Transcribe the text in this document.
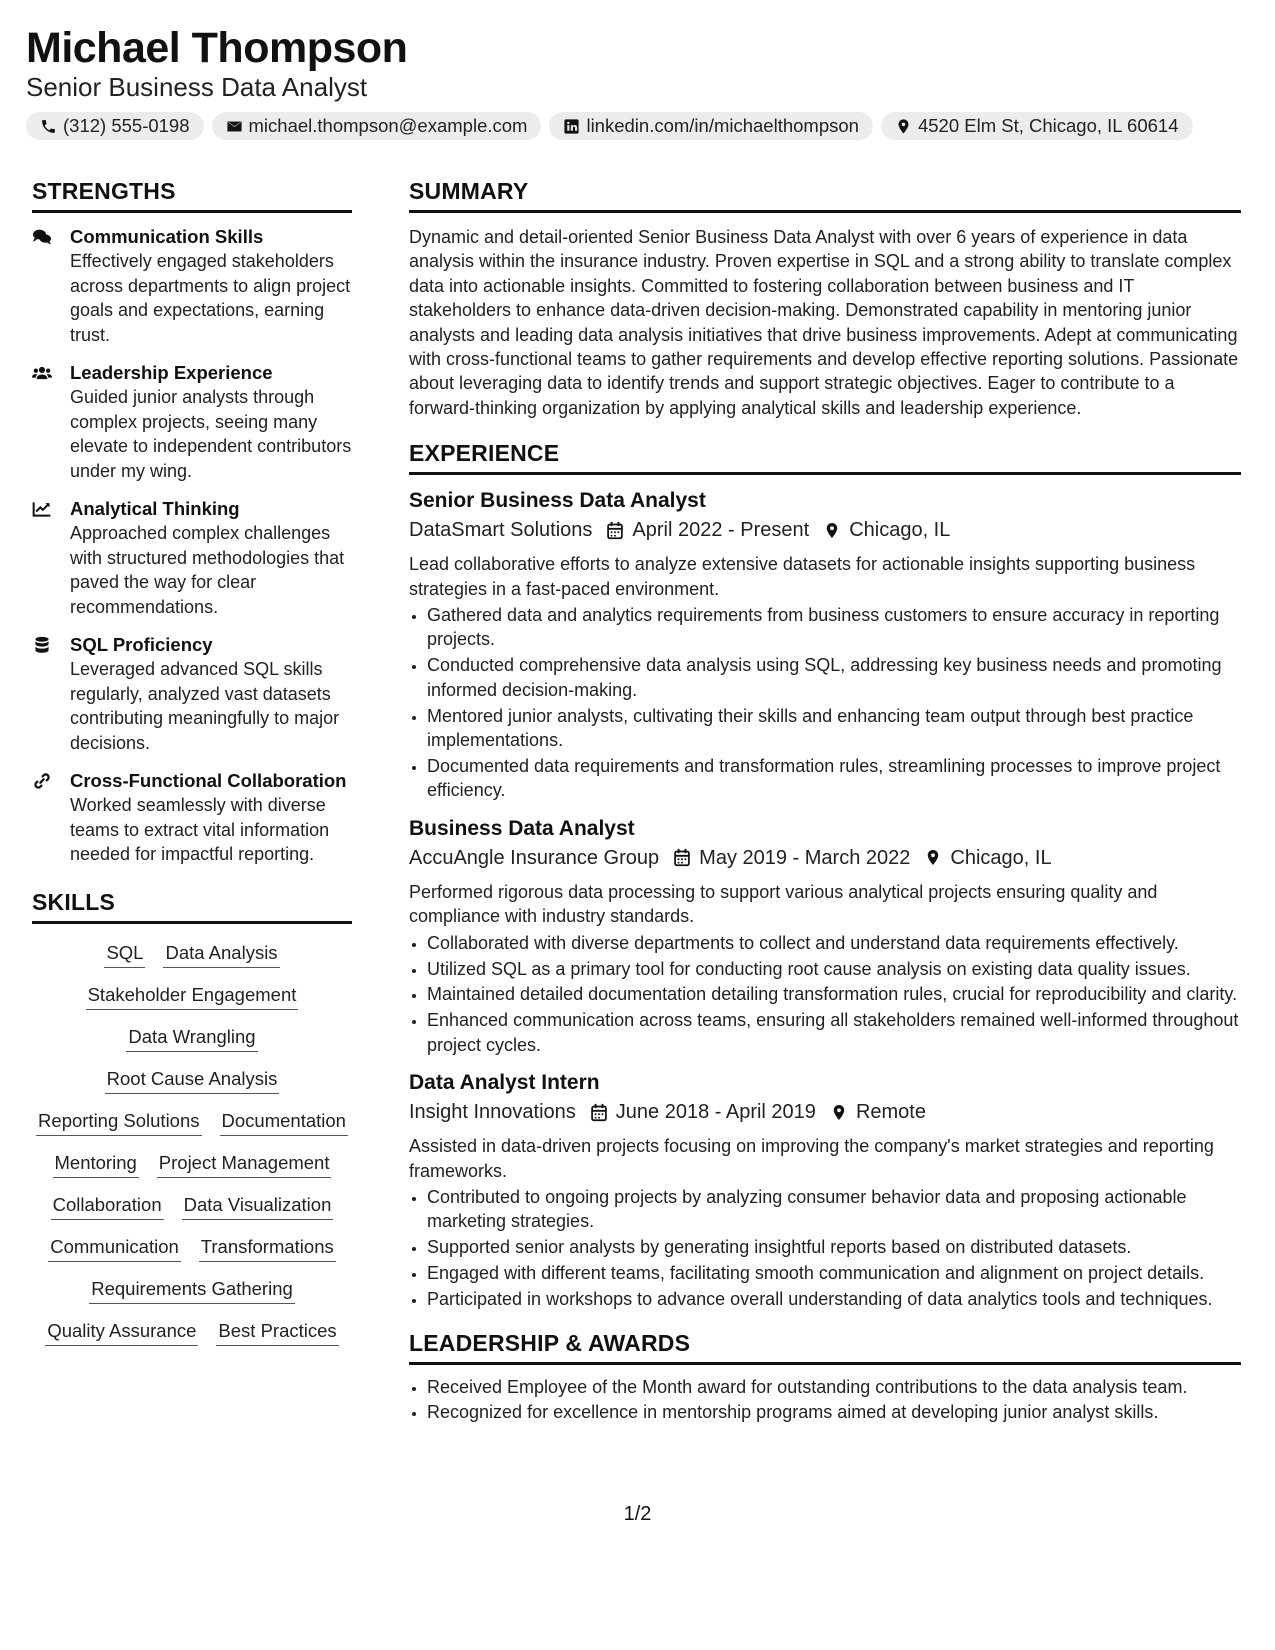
Michael Thompson
Senior Business Data Analyst
(312) 555-0198	michael.thompson@example.com	linkedin.com/in/michaelthompson	4520 Elm St, Chicago, IL 60614
STRENGTHS
Communication Skills
Effectively engaged stakeholders across departments to align project goals and expectations, earning trust.
Leadership Experience
Guided junior analysts through complex projects, seeing many elevate to independent contributors under my wing.
Analytical Thinking
Approached complex challenges with structured methodologies that paved the way for clear recommendations.
SQL Proficiency
Leveraged advanced SQL skills regularly, analyzed vast datasets contributing meaningfully to major decisions.
Cross-Functional Collaboration
Worked seamlessly with diverse teams to extract vital information needed for impactful reporting.
SKILLS
SQL Data Analysis
Stakeholder Engagement
Data Wrangling
Root Cause Analysis
Reporting Solutions Documentation
Mentoring Project Management
Collaboration Data Visualization
Communication Transformations
Requirements Gathering
Quality Assurance Best Practices
SUMMARY
Dynamic and detail-oriented Senior Business Data Analyst with over 6 years of experience in data analysis within the insurance industry. Proven expertise in SQL and a strong ability to translate complex data into actionable insights. Committed to fostering collaboration between business and IT stakeholders to enhance data-driven decision-making. Demonstrated capability in mentoring junior analysts and leading data analysis initiatives that drive business improvements. Adept at communicating with cross-functional teams to gather requirements and develop effective reporting solutions. Passionate about leveraging data to identify trends and support strategic objectives. Eager to contribute to a forward-thinking organization by applying analytical skills and leadership experience.
EXPERIENCE
Senior Business Data Analyst
DataSmart Solutions April 2022 - Present Chicago, IL
Lead collaborative efforts to analyze extensive datasets for actionable insights supporting business strategies in a fast-paced environment.
• Gathered data and analytics requirements from business customers to ensure accuracy in reporting projects.
• Conducted comprehensive data analysis using SQL, addressing key business needs and promoting informed decision-making.
• Mentored junior analysts, cultivating their skills and enhancing team output through best practice implementations.
• Documented data requirements and transformation rules, streamlining processes to improve project efficiency.
Business Data Analyst
AccuAngle Insurance Group May 2019 - March 2022 Chicago, IL
Performed rigorous data processing to support various analytical projects ensuring quality and compliance with industry standards.
• Collaborated with diverse departments to collect and understand data requirements effectively.
• Utilized SQL as a primary tool for conducting root cause analysis on existing data quality issues.
• Maintained detailed documentation detailing transformation rules, crucial for reproducibility and clarity.
• Enhanced communication across teams, ensuring all stakeholders remained well-informed throughout project cycles.
Data Analyst Intern
Insight Innovations June 2018 - April 2019 Remote
Assisted in data-driven projects focusing on improving the company's market strategies and reporting frameworks.
• Contributed to ongoing projects by analyzing consumer behavior data and proposing actionable marketing strategies.
• Supported senior analysts by generating insightful reports based on distributed datasets.
• Engaged with different teams, facilitating smooth communication and alignment on project details.
• Participated in workshops to advance overall understanding of data analytics tools and techniques.
LEADERSHIP & AWARDS
• Received Employee of the Month award for outstanding contributions to the data analysis team.
• Recognized for excellence in mentorship programs aimed at developing junior analyst skills.
1/2
